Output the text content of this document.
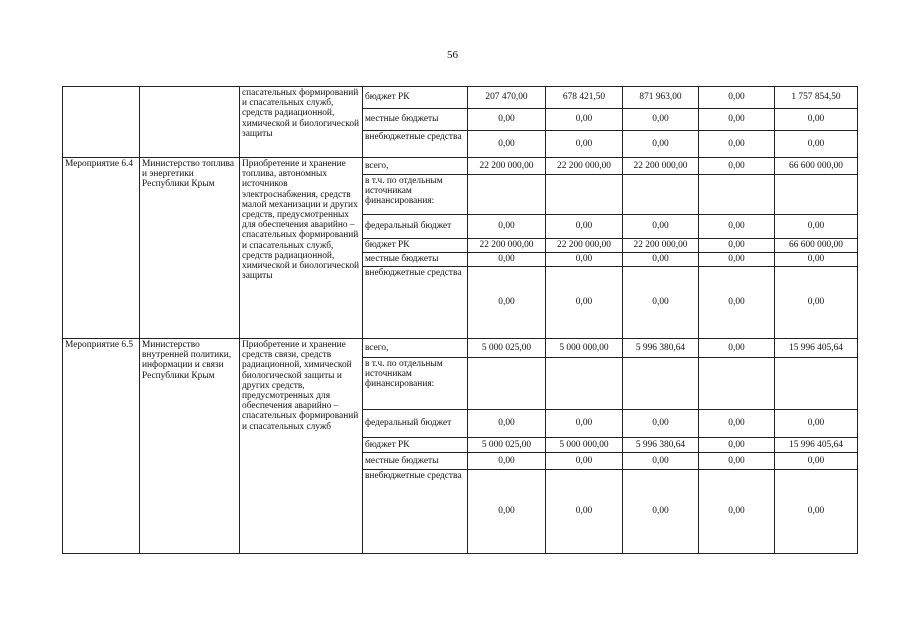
56
		спасательных формирований и спасательных служб, средств радиационной, химической и биологической защиты	бюджет РК	207 470,00	678 421,50	871 963,00	0,00	1 757 854,50
			местные бюджеты	0,00	0,00	0,00	0,00	0,00
			внебюджетные средства	0,00	0,00	0,00	0,00	0,00
Мероприятие 6.4	Министерство топлива и энергетики Республики Крым	Приобретение и хранение топлива, автономных источников электроснабжения, средств малой механизации и других средств, предусмотренных для обеспечения аварийно – спасательных формирований и спасательных служб, средств радиационной, химической и биологической защиты	всего,	22 200 000,00	22 200 000,00	22 200 000,00	0,00	66 600 000,00
			в т.ч. по отдельным источникам финансирования:					
			федеральный бюджет	0,00	0,00	0,00	0,00	0,00
			бюджет РК	22 200 000,00	22 200 000,00	22 200 000,00	0,00	66 600 000,00
			местные бюджеты	0,00	0,00	0,00	0,00	0,00
			внебюджетные средства	0,00	0,00	0,00	0,00	0,00
Мероприятие 6.5	Министерство внутренней политики, информации и связи Республики Крым	Приобретение и хранение средств связи, средств радиационной, химической биологической защиты и других средств, предусмотренных для обеспечения аварийно – спасательных формирований и спасательных служб	всего,	5 000 025,00	5 000 000,00	5 996 380,64	0,00	15 996 405,64
			в т.ч. по отдельным источникам финансирования:					
			федеральный бюджет	0,00	0,00	0,00	0,00	0,00
			бюджет РК	5 000 025,00	5 000 000,00	5 996 380,64	0,00	15 996 405,64
			местные бюджеты	0,00	0,00	0,00	0,00	0,00
			внебюджетные средства	0,00	0,00	0,00	0,00	0,00
